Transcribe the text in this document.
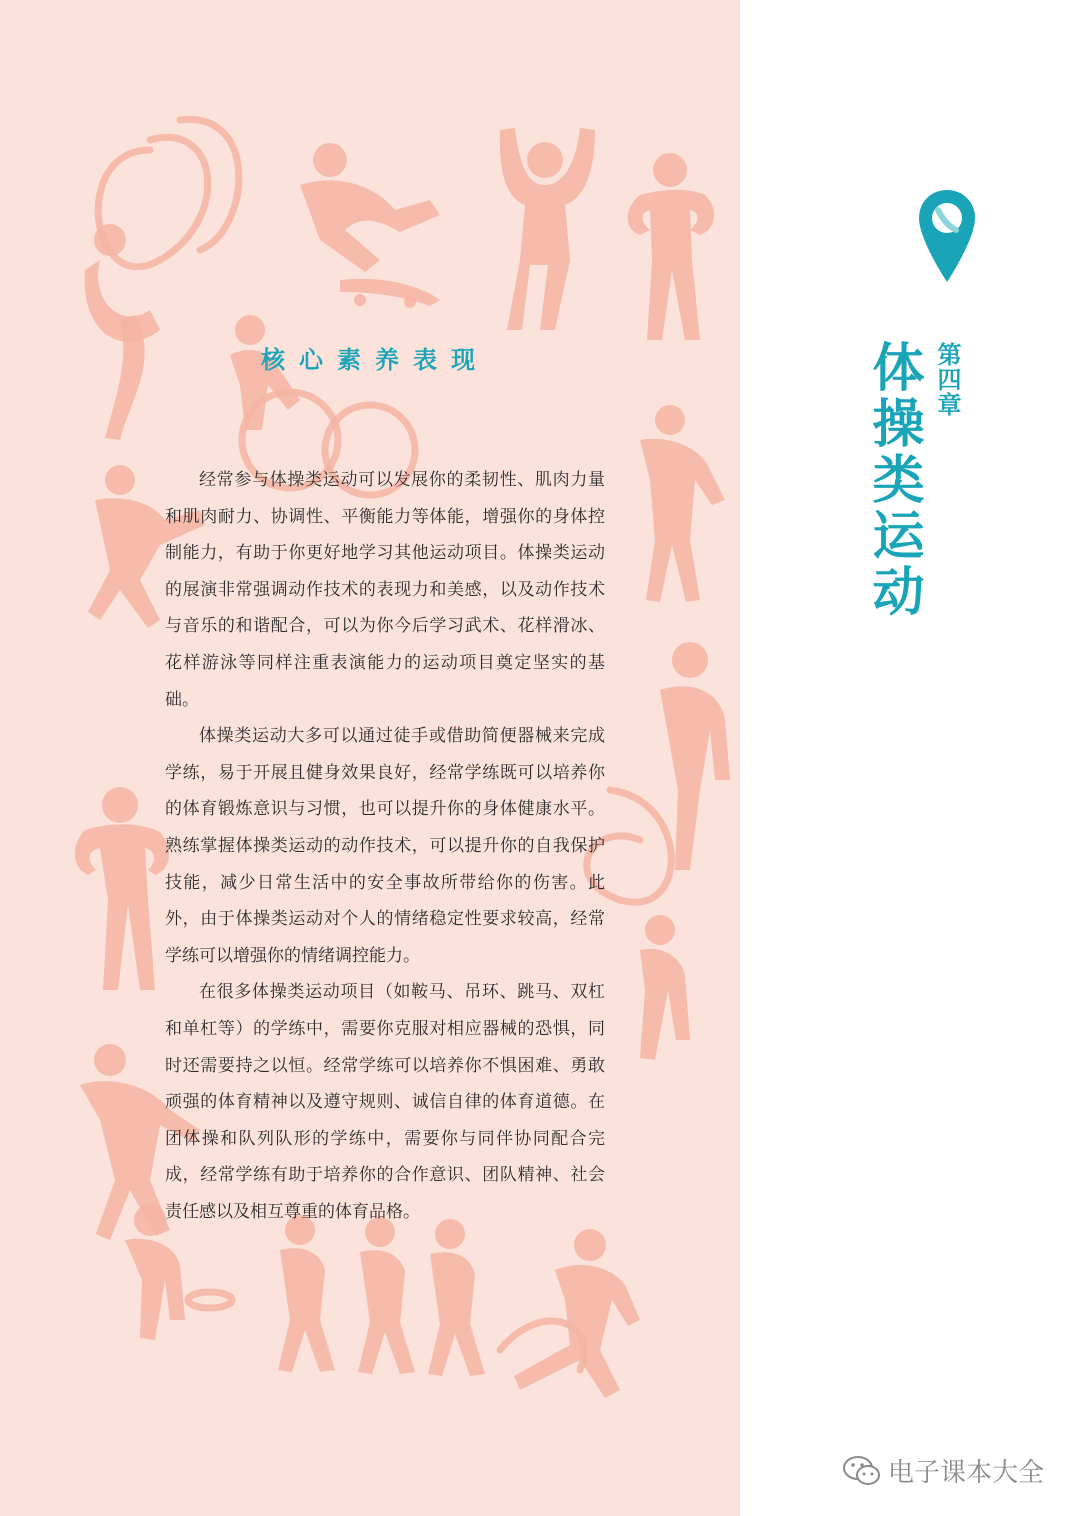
核心素养表现

经常参与体操类运动可以发展你的柔韧性、肌肉力量和肌肉耐力、协调性、平衡能力等体能，增强你的身体控制能力，有助于你更好地学习其他运动项目。体操类运动的展演非常强调动作技术的表现力和美感，以及动作技术与音乐的和谐配合，可以为你今后学习武术、花样滑冰、花样游泳等同样注重表演能力的运动项目奠定坚实的基础。

体操类运动大多可以通过徒手或借助简便器械来完成学练，易于开展且健身效果良好，经常学练既可以培养你的体育锻炼意识与习惯，也可以提升你的身体健康水平。熟练掌握体操类运动的动作技术，可以提升你的自我保护技能，减少日常生活中的安全事故所带给你的伤害。此外，由于体操类运动对个人的情绪稳定性要求较高，经常学练可以增强你的情绪调控能力。

在很多体操类运动项目（如鞍马、吊环、跳马、双杠和单杠等）的学练中，需要你克服对相应器械的恐惧，同时还需要持之以恒。经常学练可以培养你不惧困难、勇敢顽强的体育精神以及遵守规则、诚信自律的体育道德。在团体操和队列队形的学练中，需要你与同伴协同配合完成，经常学练有助于培养你的合作意识、团队精神、社会责任感以及相互尊重的体育品格。

体操类运动 第四章
电子课本大全
